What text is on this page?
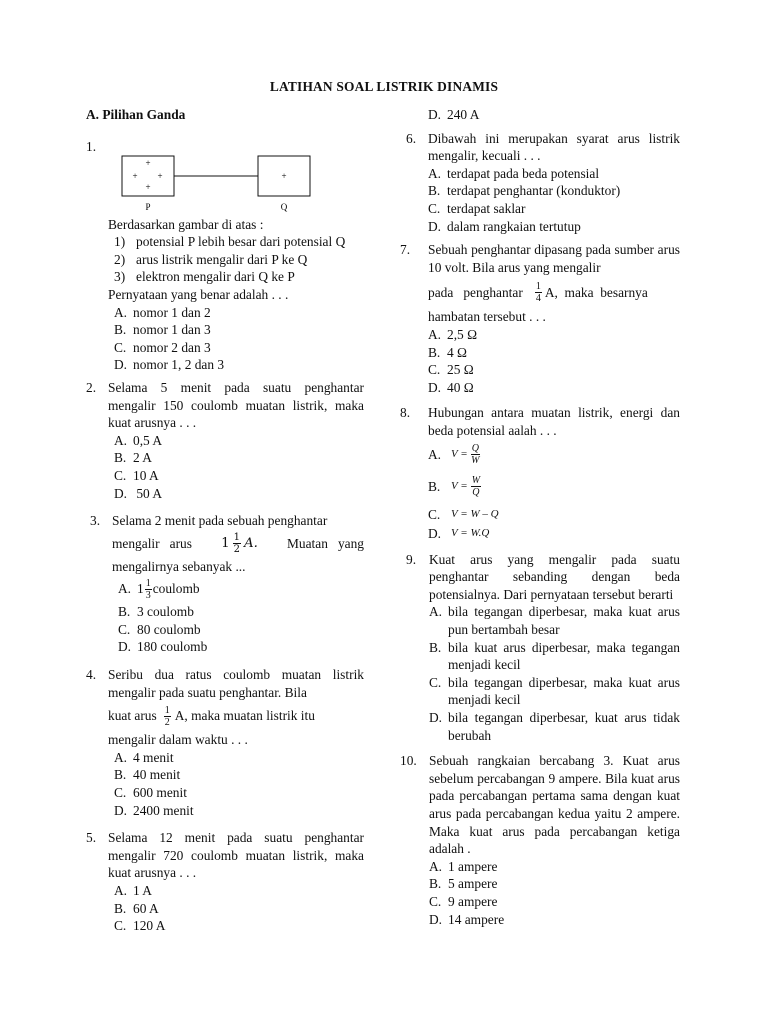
LATIHAN SOAL LISTRIK DINAMIS
A. Pilihan Ganda
1.
+
+ +
+
+
P	Q
Berdasarkan gambar di atas :
1) potensial P lebih besar dari potensial Q
2) arus listrik mengalir dari P ke Q
3) elektron mengalir dari Q ke P
Pernyataan yang benar adalah . . .
A. nomor 1 dan 2
B. nomor 1 dan 3
C. nomor 2 dan 3
D. nomor 1, 2 dan 3
2. Selama 5 menit pada suatu penghantar mengalir 150 coulomb muatan listrik, maka kuat arusnya . . .
A. 0,5 A
B. 2 A
C. 10 A
D. 50 A
3. Selama 2 menit pada sebuah penghantar
mengalir   arus $1 \frac{1}{2} A$. Muatan   yang
mengalirnya sebanyak ...
A. $1 \frac{1}{3}$ coulomb
B. 3 coulomb
C. 80 coulomb
D. 180 coulomb
4. Seribu dua ratus coulomb muatan listrik mengalir pada suatu penghantar. Bila
kuat arus $\frac{1}{2} A$, maka muatan listrik itu
mengalir dalam waktu . . .
A. 4 menit
B. 40 menit
C. 600 menit
D. 2400 menit
5. Selama 12 menit pada suatu penghantar mengalir 720 coulomb muatan listrik, maka kuat arusnya . . .
A. 1 A
B. 60 A
C. 120 A
D. 240 A
6. Dibawah ini merupakan syarat arus listrik mengalir, kecuali . . .
A. terdapat pada beda potensial
B. terdapat penghantar (konduktor)
C. terdapat saklar
D. dalam rangkaian tertutup
7.	Sebuah penghantar dipasang pada sumber arus 10 volt. Bila arus yang mengalir
pada   penghantar $\frac{1}{4} A$,  maka  besarnya
hambatan tersebut . . .
A. 2,5 Ω
B. 4 Ω
C. 25 Ω
D. 40 Ω
8.	Hubungan antara muatan listrik, energi dan beda potensial aalah . . .
A. $V = \frac{Q}{W}$
B. $V = \frac{W}{Q}$
C. V = W – Q
D. V = W.Q
9. Kuat arus yang mengalir pada suatu penghantar sebanding dengan beda potensialnya. Dari pernyataan tersebut berarti
A. bila tegangan diperbesar, maka kuat arus pun bertambah besar
B. bila kuat arus diperbesar, maka tegangan menjadi kecil
C. bila tegangan diperbesar, maka kuat arus menjadi kecil
D. bila tegangan diperbesar, kuat arus tidak berubah
10. Sebuah rangkaian bercabang 3. Kuat arus sebelum percabangan 9 ampere. Bila kuat arus pada percabangan pertama sama dengan kuat arus pada percabangan kedua yaitu 2 ampere. Maka kuat arus pada percabangan ketiga adalah .
A. 1 ampere
B. 5 ampere
C. 9 ampere
D. 14 ampere
